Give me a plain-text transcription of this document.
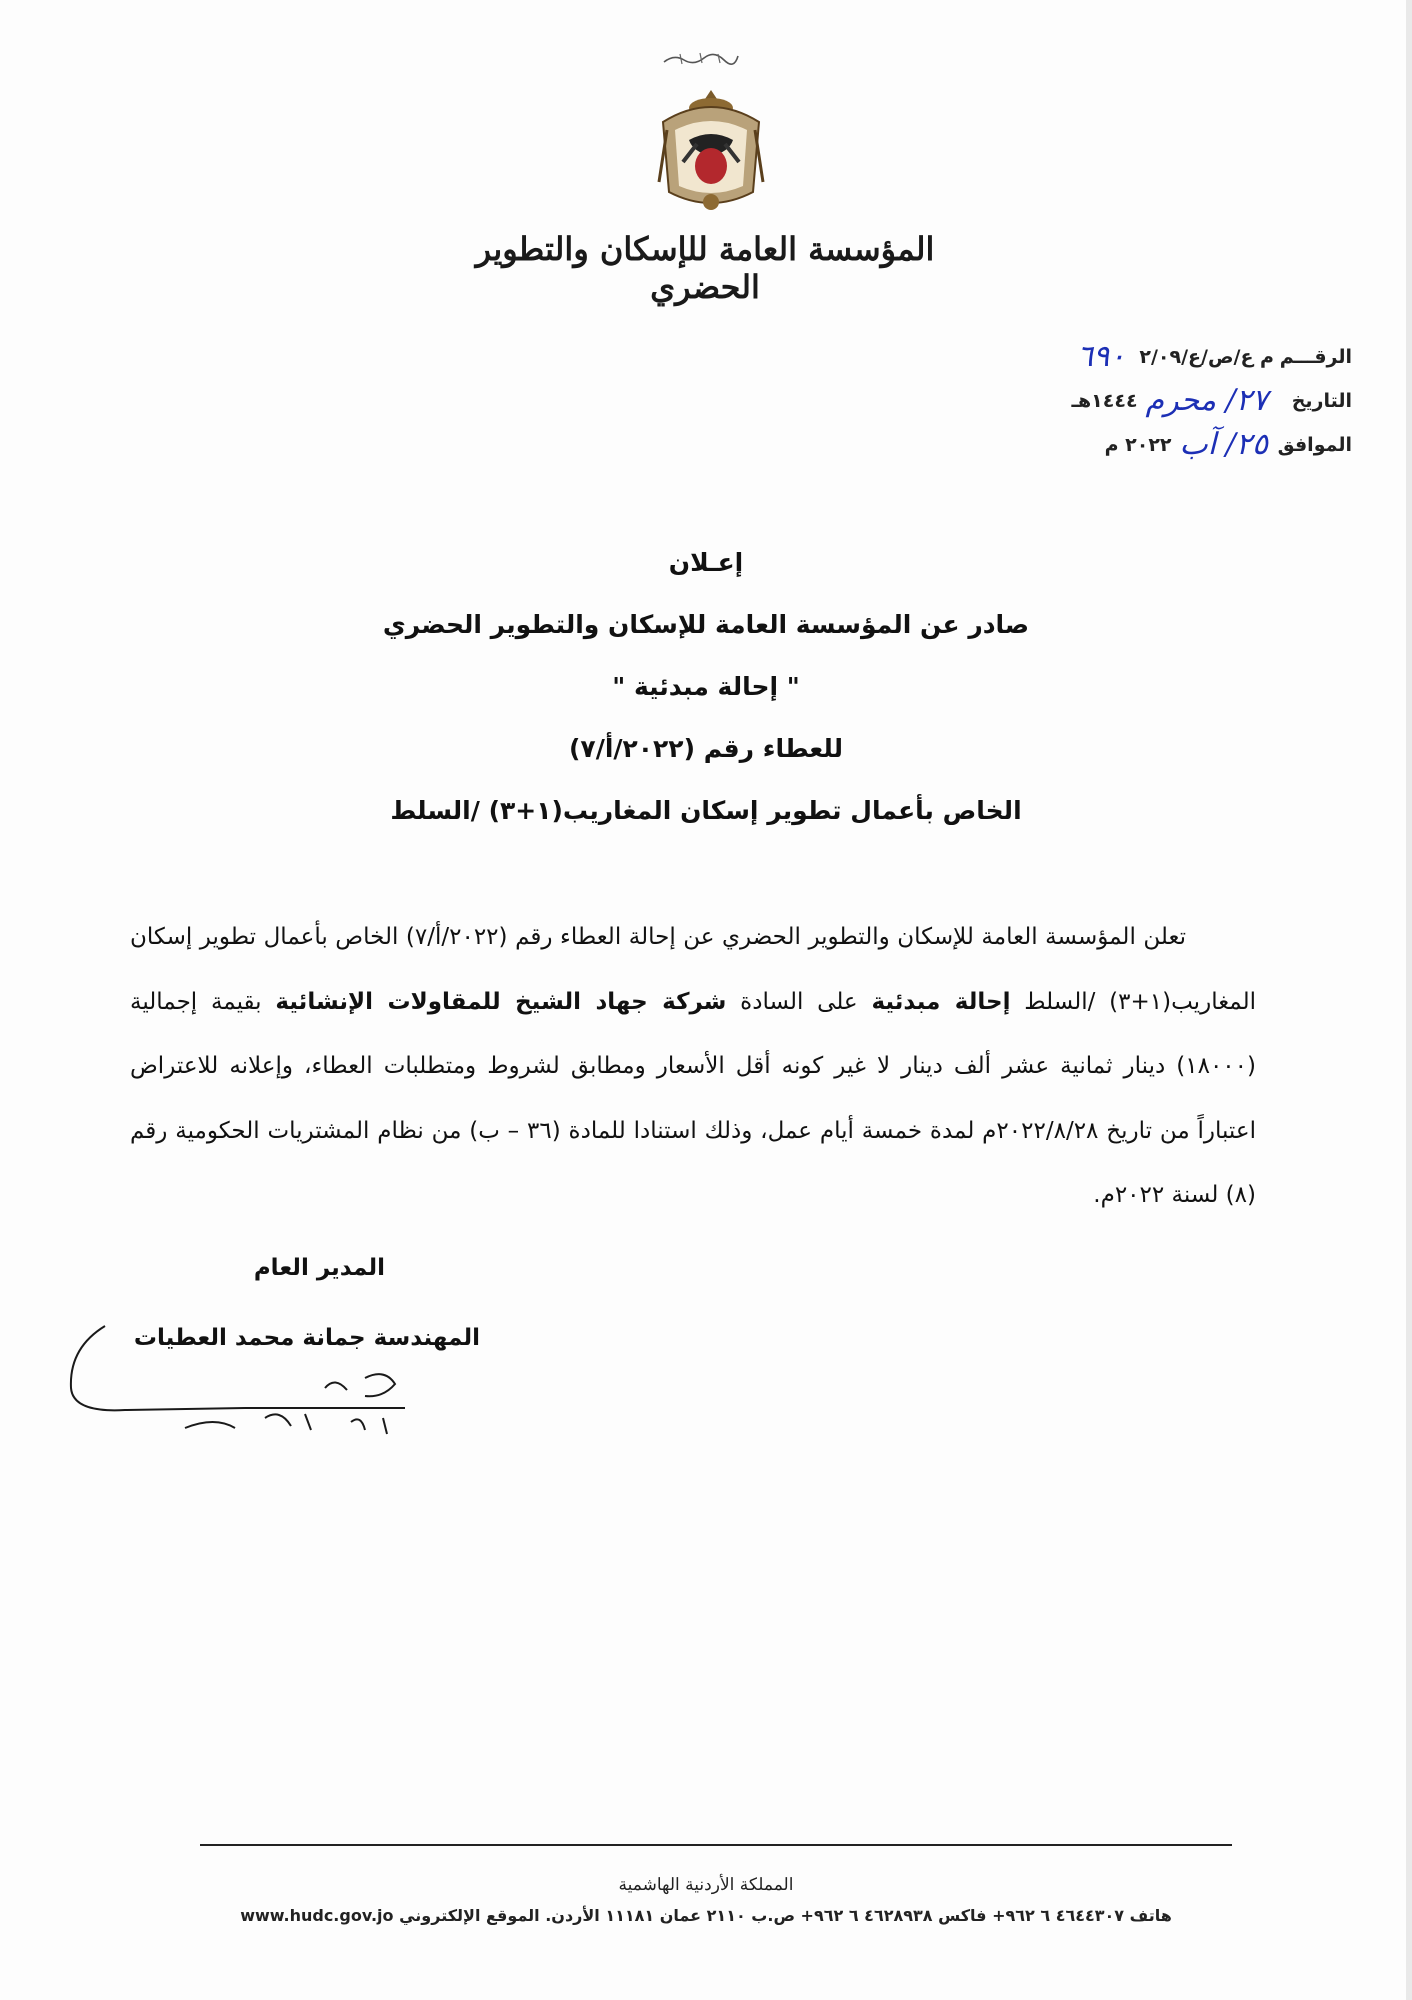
المؤسسة العامة للإسكان والتطوير الحضري
الرقـــم
م ع/ص/ع/٢/٠٩
٦٩٠
التاريخ
٢٧/ محرم
١٤٤٤هـ
الموافق
٢٥/ آب
٢٠٢٢ م
إعـلان
صادر عن المؤسسة العامة للإسكان والتطوير الحضري
" إحالة مبدئية "
للعطاء رقم (٢٠٢٢/أ/٧)
الخاص بأعمال تطوير إسكان المغاريب(١+٣) /السلط

تعلن المؤسسة العامة للإسكان والتطوير الحضري عن إحالة العطاء رقم (٢٠٢٢/أ/٧) الخاص بأعمال تطوير إسكان المغاريب(١+٣) /السلط إحالة مبدئية على السادة شركة جهاد الشيخ للمقاولات الإنشائية بقيمة إجمالية (١٨٠٠٠) دينار ثمانية عشر ألف دينار لا غير كونه أقل الأسعار ومطابق لشروط ومتطلبات العطاء، وإعلانه للاعتراض اعتباراً من تاريخ ٢٠٢٢/٨/٢٨م لمدة خمسة أيام عمل، وذلك استنادا للمادة (٣٦ – ب) من نظام المشتريات الحكومية رقم (٨) لسنة ٢٠٢٢م.

المدير العام
المهندسة جمانة محمد العطيات
المملكة الأردنية الهاشمية
هاتف ٤٦٤٤٣٠٧ ٦ ٩٦٢+ فاكس ٤٦٢٨٩٣٨ ٦ ٩٦٢+ ص.ب ٢١١٠ عمان ١١١٨١ الأردن. الموقع الإلكتروني www.hudc.gov.jo
